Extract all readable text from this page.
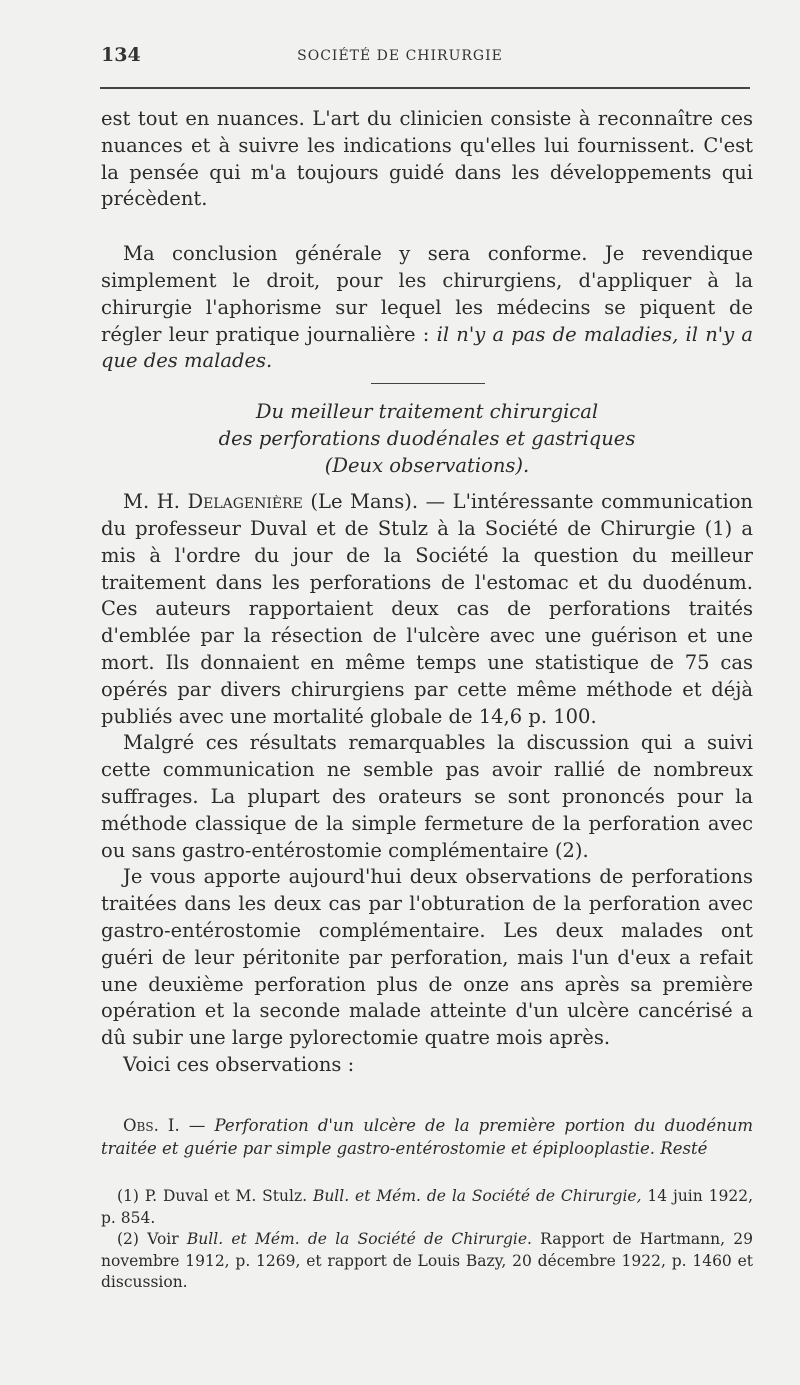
134	SOCIÉTÉ DE CHIRURGIE

est tout en nuances. L'art du clinicien consiste à reconnaître ces nuances et à suivre les indications qu'elles lui fournissent. C'est la pensée qui m'a toujours guidé dans les développements qui précèdent.

Ma conclusion générale y sera conforme. Je revendique simplement le droit, pour les chirurgiens, d'appliquer à la chirurgie l'aphorisme sur lequel les médecins se piquent de régler leur pratique journalière : il n'y a pas de maladies, il n'y a que des malades.

Du meilleur traitement chirurgical
des perforations duodénales et gastriques
(Deux observations).

M. H. Delagenière (Le Mans). — L'intéressante communication du professeur Duval et de Stulz à la Société de Chirurgie (1) a mis à l'ordre du jour de la Société la question du meilleur traitement dans les perforations de l'estomac et du duodénum. Ces auteurs rapportaient deux cas de perforations traités d'emblée par la résection de l'ulcère avec une guérison et une mort. Ils donnaient en même temps une statistique de 75 cas opérés par divers chirurgiens par cette même méthode et déjà publiés avec une mortalité globale de 14,6 p. 100.

Malgré ces résultats remarquables la discussion qui a suivi cette communication ne semble pas avoir rallié de nombreux suffrages. La plupart des orateurs se sont prononcés pour la méthode classique de la simple fermeture de la perforation avec ou sans gastro-entérostomie complémentaire (2).

Je vous apporte aujourd'hui deux observations de perforations traitées dans les deux cas par l'obturation de la perforation avec gastro-entérostomie complémentaire. Les deux malades ont guéri de leur péritonite par perforation, mais l'un d'eux a refait une deuxième perforation plus de onze ans après sa première opération et la seconde malade atteinte d'un ulcère cancérisé a dû subir une large pylorectomie quatre mois après.

Voici ces observations :

Obs. I. — Perforation d'un ulcère de la première portion du duodénum traitée et guérie par simple gastro-entérostomie et épiplooplastie. Resté

(1) P. Duval et M. Stulz. Bull. et Mém. de la Société de Chirurgie, 14 juin 1922, p. 854.

(2) Voir Bull. et Mém. de la Société de Chirurgie. Rapport de Hartmann, 29 novembre 1912, p. 1269, et rapport de Louis Bazy, 20 décembre 1922, p. 1460 et discussion.
